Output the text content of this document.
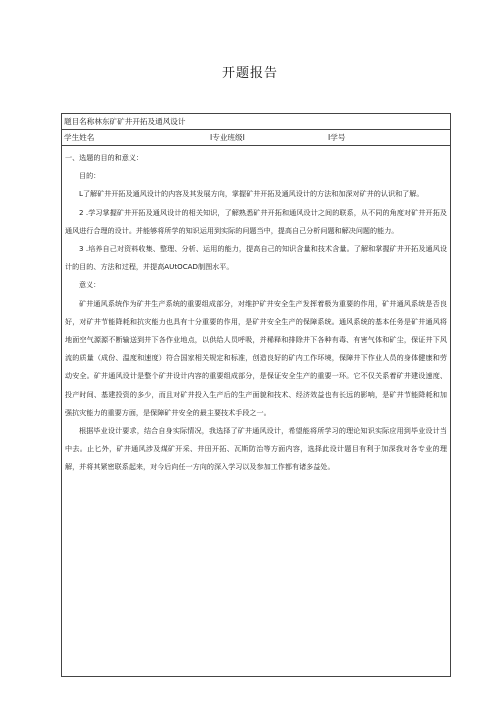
开题报告
题目名称林东矿矿井开拓及通风设计
学生姓名	I专业班级I	I学号

一、选题的目的和意义：

目的：

L了解矿井开拓及通风设计的内容及其发展方向，掌握矿井开拓及通风设计的方法和加深对矿井的认识和了解。

2 .学习掌握矿井开拓及通风设计的相关知识，了解熟悉矿井开拓和通风设计之间的联系，从不同的角度对矿井开拓及通风进行合理的设计。并能够将所学的知识运用到实际的问题当中，提高自己分析问题和解决问题的能力。

3 .培养自己对资料收集、整理、分析、运用的能力，提高自己的知识含量和技术含量。了解和掌握矿井开拓及通风设计的目的、方法和过程，并提高AUtOCAD制图水平。

意义：

矿井通风系统作为矿井生产系统的重要组成部分，对维护矿井安全生产发挥着极为重要的作用，矿井通风系统是否良好，对矿井节能降耗和抗灾能力也具有十分重要的作用，是矿井安全生产的保障系统。通风系统的基本任务是矿井通风将地面空气源源不断输送到井下各作业地点，以供给人员呼吸，并稀释和排除井下各种有毒、有害气体和矿尘，保证井下风流的质量（成份、温度和速度）符合国家相关规定和标准，创造良好的矿内工作环境，保障井下作业人员的身体健康和劳动安全。矿井通风设计是整个矿井设计内容的重要组成部分，是保证安全生产的重要一环。它不仅关系着矿井建设速度、投产时间、基建投资的多少，而且对矿井投入生产后的生产面貌和技术、经济效益也有长远的影响，是矿井节能降耗和加强抗灾能力的重要方面，是保障矿井安全的最主要技术手段之一。

根据毕业设计要求，结合自身实际情况，我选择了矿井通风设计，希望能将所学习的理论知识实际应用到毕业设计当中去。止匕外，矿井通风涉及煤矿开采、井田开拓、瓦斯防治等方面内容，选择此设计题目有利于加深我对各专业的理解，并将其紧密联系起来，对今后向任一方向的深入学习以及参加工作都有诸多益处。
